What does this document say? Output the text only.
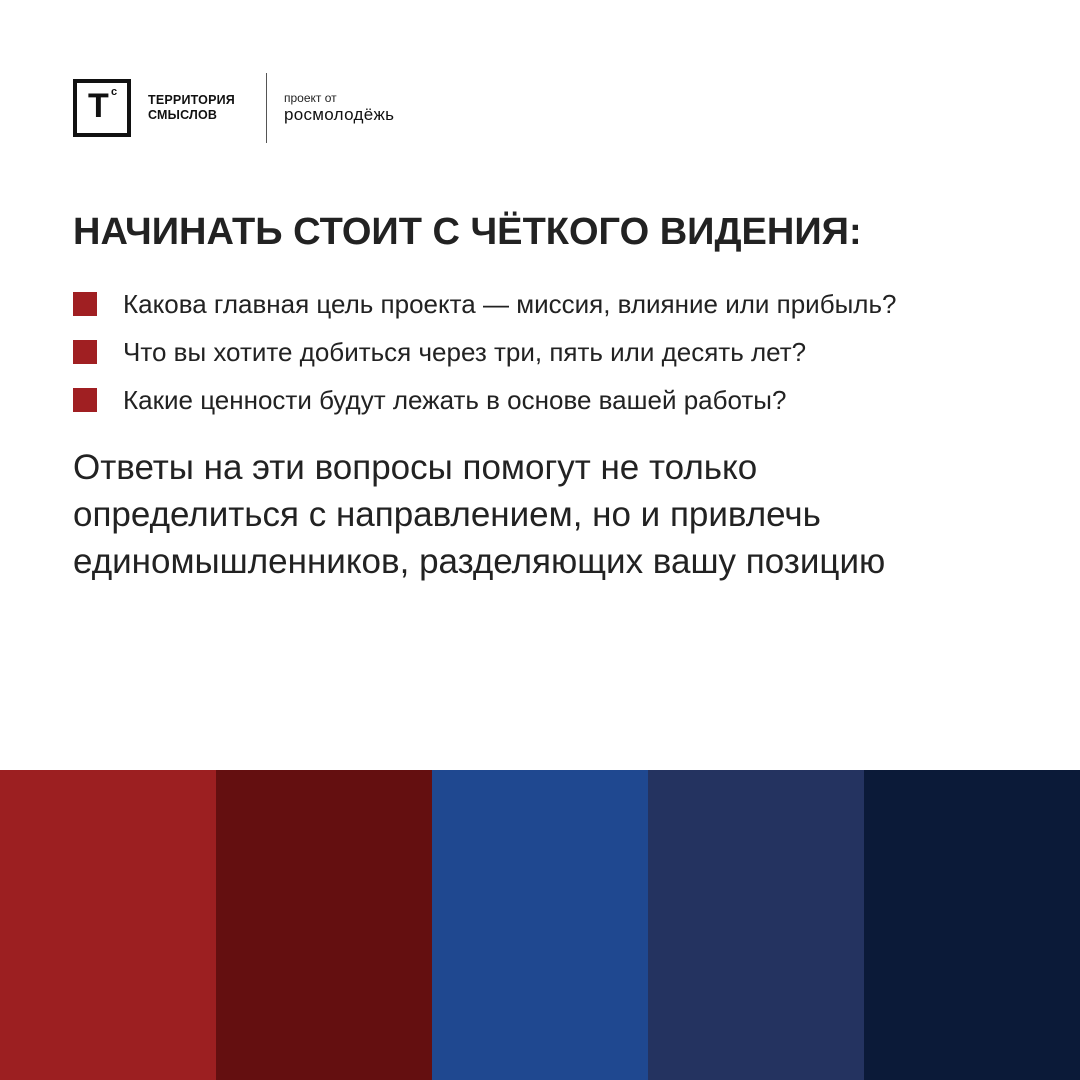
Т с
ТЕРРИТОРИЯ
СМЫСЛОВ
проект от
росмолодёжь
НАЧИНАТЬ СТОИТ С ЧЁТКОГО ВИДЕНИЯ:
Какова главная цель проекта — миссия, влияние или прибыль?
Что вы хотите добиться через три, пять или десять лет?
Какие ценности будут лежать в основе вашей работы?

Ответы на эти вопросы помогут не только
определиться с направлением, но и привлечь
единомышленников, разделяющих вашу позицию
